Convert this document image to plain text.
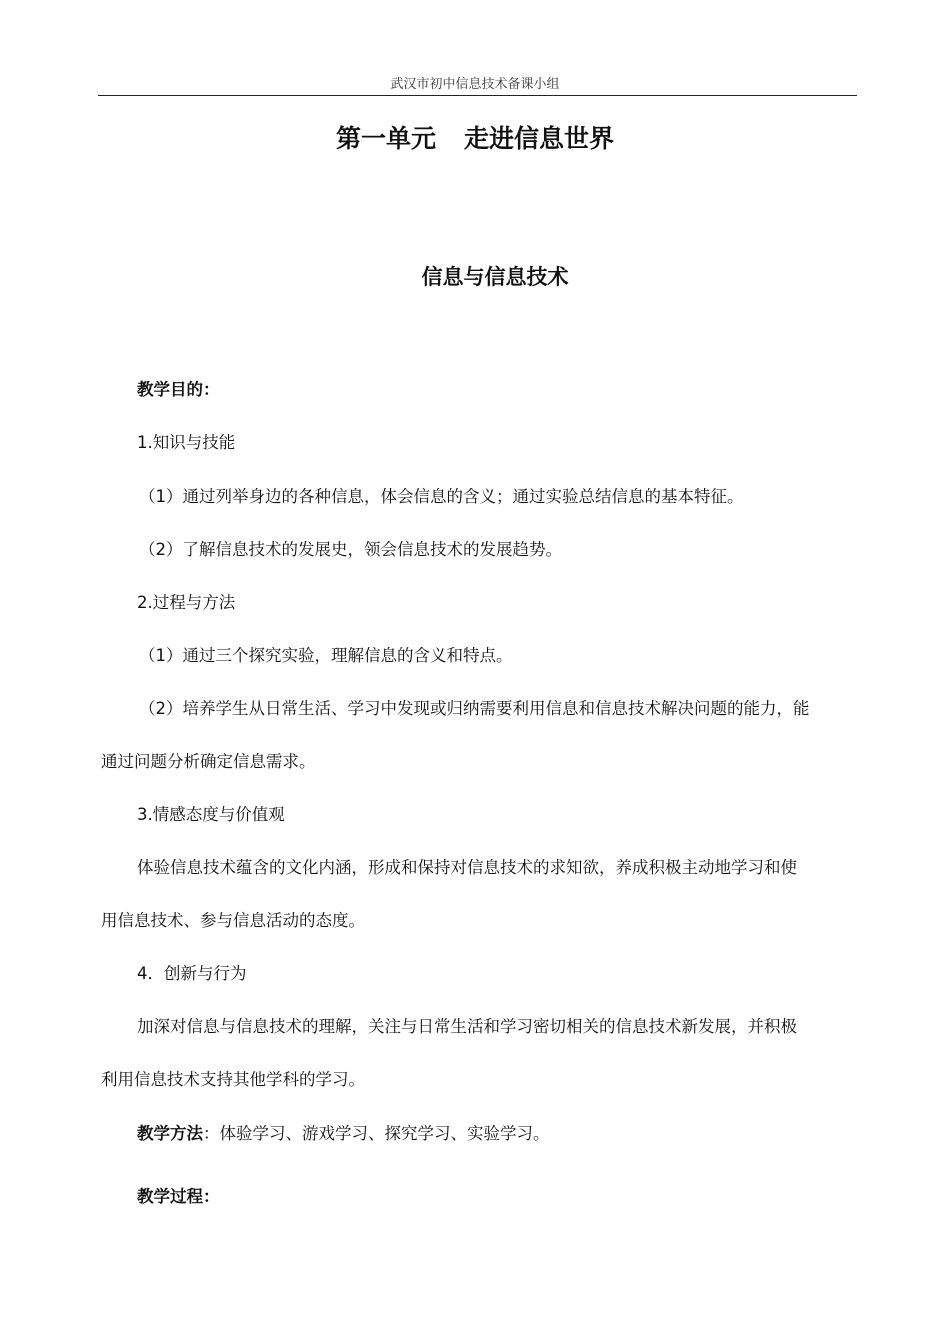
武汉市初中信息技术备课小组
第一单元 走进信息世界
信息与信息技术
教学目的：
1.知识与技能
（1）通过列举身边的各种信息，体会信息的含义；通过实验总结信息的基本特征。
（2）了解信息技术的发展史，领会信息技术的发展趋势。
2.过程与方法
（1）通过三个探究实验，理解信息的含义和特点。
（2）培养学生从日常生活、学习中发现或归纳需要利用信息和信息技术解决问题的能力，能
通过问题分析确定信息需求。
3.情感态度与价值观
体验信息技术蕴含的文化内涵，形成和保持对信息技术的求知欲，养成积极主动地学习和使
用信息技术、参与信息活动的态度。
4．创新与行为
加深对信息与信息技术的理解，关注与日常生活和学习密切相关的信息技术新发展，并积极
利用信息技术支持其他学科的学习。
教学方法：体验学习、游戏学习、探究学习、实验学习。
教学过程：
